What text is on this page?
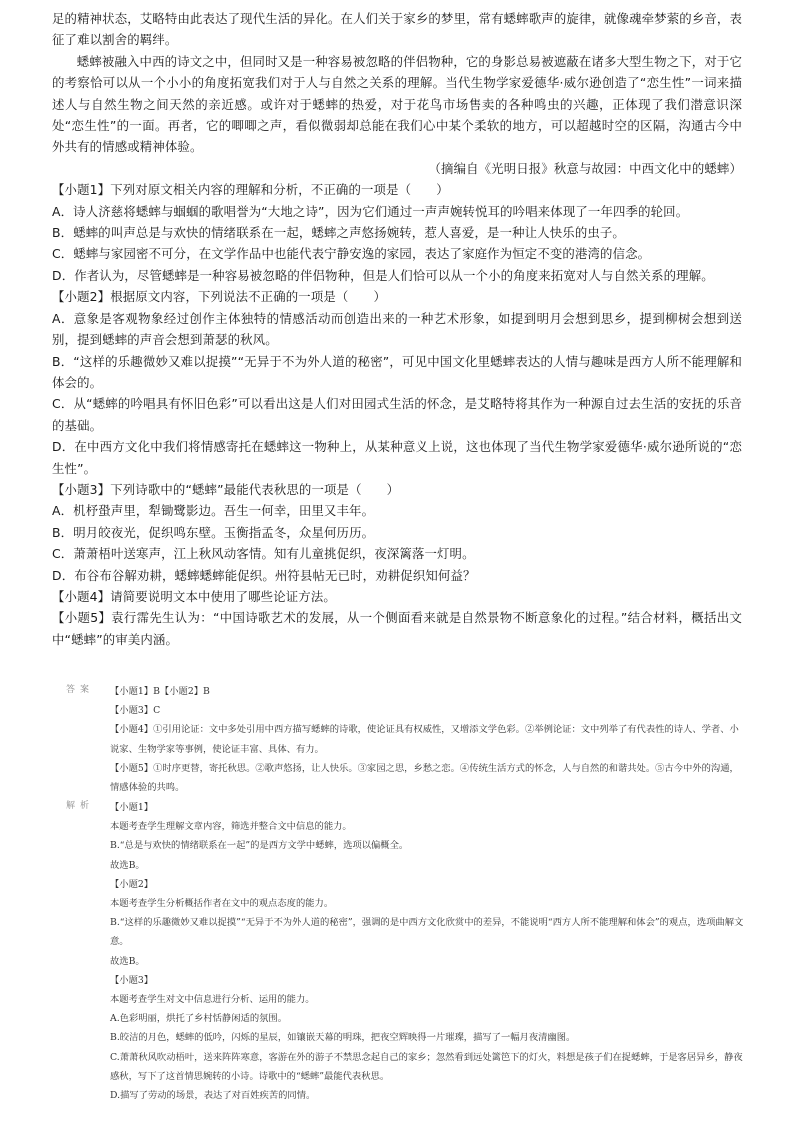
足的精神状态，艾略特由此表达了现代生活的异化。在人们关于家乡的梦里，常有蟋蟀歌声的旋律，就像魂牵梦萦的乡音，表征了难以割舍的羁绊。

蟋蟀被融入中西的诗文之中，但同时又是一种容易被忽略的伴侣物种，它的身影总易被遮蔽在诸多大型生物之下，对于它的考察恰可以从一个小小的角度拓宽我们对于人与自然之关系的理解。当代生物学家爱德华·威尔逊创造了“恋生性”一词来描述人与自然生物之间天然的亲近感。或许对于蟋蟀的热爱，对于花鸟市场售卖的各种鸣虫的兴趣，正体现了我们潜意识深处“恋生性”的一面。再者，它的唧唧之声，看似微弱却总能在我们心中某个柔软的地方，可以超越时空的区隔，沟通古今中外共有的情感或精神体验。

（摘编自《光明日报》秋意与故园：中西文化中的蟋蟀）

【小题1】下列对原文相关内容的理解和分析，不正确的一项是（　　）

A．诗人济慈将蟋蟀与蝈蝈的歌唱誉为“大地之诗”，因为它们通过一声声婉转悦耳的吟唱来体现了一年四季的轮回。

B．蟋蟀的叫声总是与欢快的情绪联系在一起，蟋蟀之声悠扬婉转，惹人喜爱，是一种让人快乐的虫子。

C．蟋蟀与家园密不可分，在文学作品中也能代表宁静安逸的家园，表达了家庭作为恒定不变的港湾的信念。

D．作者认为，尽管蟋蟀是一种容易被忽略的伴侣物种，但是人们恰可以从一个小的角度来拓宽对人与自然关系的理解。

【小题2】根据原文内容，下列说法不正确的一项是（　　）

A．意象是客观物象经过创作主体独特的情感活动而创造出来的一种艺术形象，如提到明月会想到思乡，提到柳树会想到送别，提到蟋蟀的声音会想到萧瑟的秋风。

B．“这样的乐趣微妙又难以捉摸”“无异于不为外人道的秘密”，可见中国文化里蟋蟀表达的人情与趣味是西方人所不能理解和体会的。

C．从“蟋蟀的吟唱具有怀旧色彩”可以看出这是人们对田园式生活的怀念，是艾略特将其作为一种源自过去生活的安抚的乐音的基础。

D．在中西方文化中我们将情感寄托在蟋蟀这一物种上，从某种意义上说，这也体现了当代生物学家爱德华·威尔逊所说的“恋生性”。

【小题3】下列诗歌中的“蟋蟀”最能代表秋思的一项是（　　）

A．机杼蛩声里，犁锄鹭影边。吾生一何幸，田里又丰年。

B．明月皎夜光，促织鸣东壁。玉衡指孟冬，众星何历历。

C．萧萧梧叶送寒声，江上秋风动客情。知有儿童挑促织，夜深篱落一灯明。

D．布谷布谷解劝耕，蟋蟀蟋蟀能促织。州符县帖无已时，劝耕促织知何益？

【小题4】请简要说明文本中使用了哪些论证方法。

【小题5】袁行霈先生认为：“中国诗歌艺术的发展，从一个侧面看来就是自然景物不断意象化的过程。”结合材料，概括出文中“蟋蟀”的审美内涵。

答案 【小题1】B【小题2】B

【小题3】C

【小题4】①引用论证：文中多处引用中西方描写蟋蟀的诗歌，使论证具有权威性，又增添文学色彩。②举例论证：文中列举了有代表性的诗人、学者、小说家、生物学家等事例，使论证丰富、具体、有力。

【小题5】①时序更替，寄托秋思。②歌声悠扬，让人快乐。③家园之思，乡愁之恋。④传统生活方式的怀念，人与自然的和谐共处。⑤古今中外的沟通，情感体验的共鸣。

解析 【小题1】

本题考查学生理解文章内容，筛选并整合文中信息的能力。

B.“总是与欢快的情绪联系在一起”的是西方文学中蟋蟀，选项以偏概全。

故选B。

【小题2】

本题考查学生分析概括作者在文中的观点态度的能力。

B.“这样的乐趣微妙又难以捉摸”“无异于不为外人道的秘密”，强调的是中西方文化欣赏中的差异，不能说明“西方人所不能理解和体会”的观点，选项曲解文意。

故选B。

【小题3】

本题考查学生对文中信息进行分析、运用的能力。

A.色彩明丽，烘托了乡村恬静闲适的氛围。

B.皎洁的月色，蟋蟀的低吟，闪烁的星辰，如镶嵌天幕的明珠，把夜空辉映得一片璀璨，描写了一幅月夜清幽图。

C.萧萧秋风吹动梧叶，送来阵阵寒意，客游在外的游子不禁思念起自己的家乡；忽然看到远处篱笆下的灯火，料想是孩子们在捉蟋蟀，于是客居异乡，静夜感秋，写下了这首情思婉转的小诗。诗歌中的“蟋蟀”最能代表秋思。

D.描写了劳动的场景，表达了对百姓疾苦的同情。
